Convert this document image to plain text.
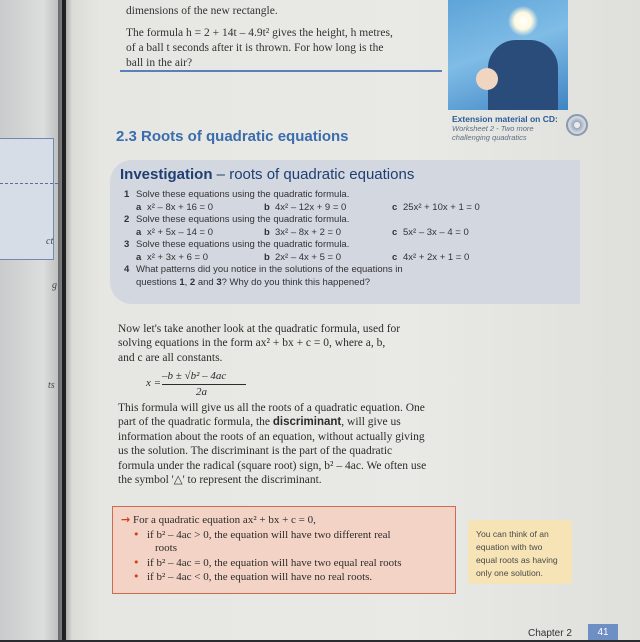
ct
g
ts
dimensions of the new rectangle.
The formula h = 2 + 14t – 4.9t² gives the height, h metres,
of a ball t seconds after it is thrown. For how long is the
ball in the air?
Extension material on CD:
Worksheet 2 - Two more
challenging quadratics
2.3 Roots of quadratic equations
Investigation – roots of quadratic equations
1 Solve these equations using the quadratic formula.
a x² – 8x + 16 = 0	b 4x² – 12x + 9 = 0	c 25x² + 10x + 1 = 0
2 Solve these equations using the quadratic formula.
a x² + 5x – 14 = 0	b 3x² – 8x + 2 = 0	c 5x² – 3x – 4 = 0
3 Solve these equations using the quadratic formula.
a x² + 3x + 6 = 0	b 2x² – 4x + 5 = 0	c 4x² + 2x + 1 = 0
4 What patterns did you notice in the solutions of the equations in
questions 1, 2 and 3? Why do you think this happened?
Now let's take another look at the quadratic formula, used for
solving equations in the form ax² + bx + c = 0, where a, b,
and c are all constants.
x =
–b ± √b² – 4ac
2a
This formula will give us all the roots of a quadratic equation. One
part of the quadratic formula, the discriminant, will give us
information about the roots of an equation, without actually giving
us the solution. The discriminant is the part of the quadratic
formula under the radical (square root) sign, b² – 4ac. We often use
the symbol '△' to represent the discriminant.
→ For a quadratic equation ax² + bx + c = 0,
• if b² – 4ac > 0, the equation will have two different real
roots
• if b² – 4ac = 0, the equation will have two equal real roots
• if b² – 4ac < 0, the equation will have no real roots.
You can think of an
equation with two
equal roots as having
only one solution.
Chapter 2	41
